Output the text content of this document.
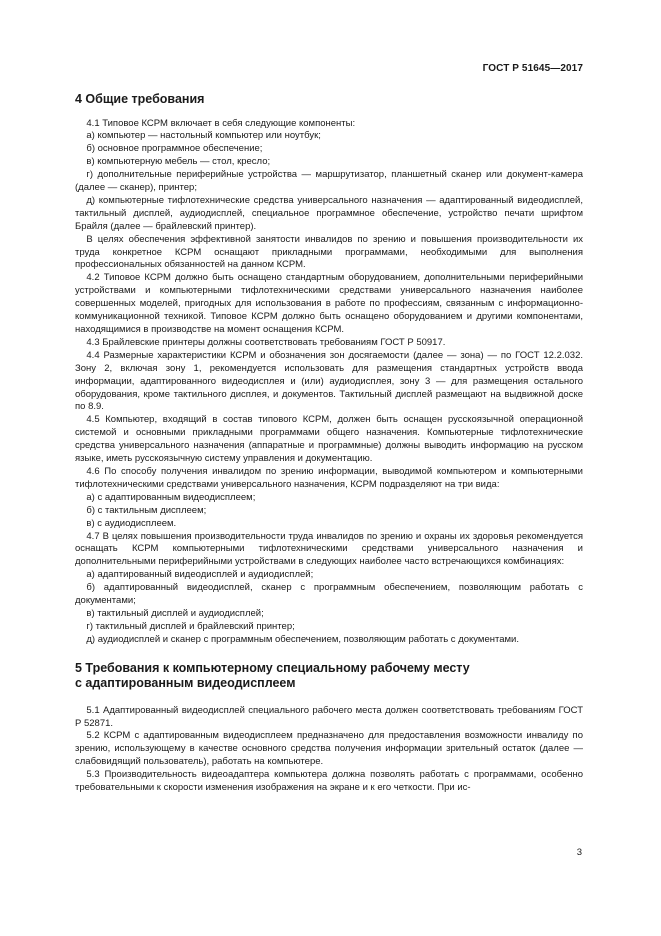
ГОСТ Р 51645—2017
4 Общие требования

4.1 Типовое КСРМ включает в себя следующие компоненты:

а) компьютер — настольный компьютер или ноутбук;

б) основное программное обеспечение;

в) компьютерную мебель — стол, кресло;

г) дополнительные периферийные устройства — маршрутизатор, планшетный сканер или документ-камера (далее — сканер), принтер;

д) компьютерные тифлотехнические средства универсального назначения — адаптированный видеодисплей, тактильный дисплей, аудиодисплей, специальное программное обеспечение, устройство печати шрифтом Брайля (далее — брайлевский принтер).

В целях обеспечения эффективной занятости инвалидов по зрению и повышения производительности их труда конкретное КСРМ оснащают прикладными программами, необходимыми для выполнения профессиональных обязанностей на данном КСРМ.

4.2 Типовое КСРМ должно быть оснащено стандартным оборудованием, дополнительными периферийными устройствами и компьютерными тифлотехническими средствами универсального назначения наиболее совершенных моделей, пригодных для использования в работе по профессиям, связанным с информационно-коммуникационной техникой. Типовое КСРМ должно быть оснащено оборудованием и другими компонентами, находящимися в производстве на момент оснащения КСРМ.

4.3 Брайлевские принтеры должны соответствовать требованиям ГОСТ Р 50917.

4.4 Размерные характеристики КСРМ и обозначения зон досягаемости (далее — зона) — по ГОСТ 12.2.032. Зону 2, включая зону 1, рекомендуется использовать для размещения стандартных устройств ввода информации, адаптированного видеодисплея и (или) аудиодисплея, зону 3 — для размещения остального оборудования, кроме тактильного дисплея, и документов. Тактильный дисплей размещают на выдвижной доске по 8.9.

4.5 Компьютер, входящий в состав типового КСРМ, должен быть оснащен русскоязычной операционной системой и основными прикладными программами общего назначения. Компьютерные тифлотехнические средства универсального назначения (аппаратные и программные) должны выводить информацию на русском языке, иметь русскоязычную систему управления и документацию.

4.6 По способу получения инвалидом по зрению информации, выводимой компьютером и компьютерными тифлотехническими средствами универсального назначения, КСРМ подразделяют на три вида:

а) с адаптированным видеодисплеем;

б) с тактильным дисплеем;

в) с аудиодисплеем.

4.7 В целях повышения производительности труда инвалидов по зрению и охраны их здоровья рекомендуется оснащать КСРМ компьютерными тифлотехническими средствами универсального назначения и дополнительными периферийными устройствами в следующих наиболее часто встречающихся комбинациях:

а) адаптированный видеодисплей и аудиодисплей;

б) адаптированный видеодисплей, сканер с программным обеспечением, позволяющим работать с документами;

в) тактильный дисплей и аудиодисплей;

г) тактильный дисплей и брайлевский принтер;

д) аудиодисплей и сканер с программным обеспечением, позволяющим работать с документами.

5 Требования к компьютерному специальному рабочему месту
с адаптированным видеодисплеем

5.1 Адаптированный видеодисплей специального рабочего места должен соответствовать требованиям ГОСТ Р 52871.

5.2 КСРМ с адаптированным видеодисплеем предназначено для предоставления возможности инвалиду по зрению, использующему в качестве основного средства получения информации зрительный остаток (далее — слабовидящий пользователь), работать на компьютере.

5.3 Производительность видеоадаптера компьютера должна позволять работать с программами, особенно требовательными к скорости изменения изображения на экране и к его четкости. При ис-

3
